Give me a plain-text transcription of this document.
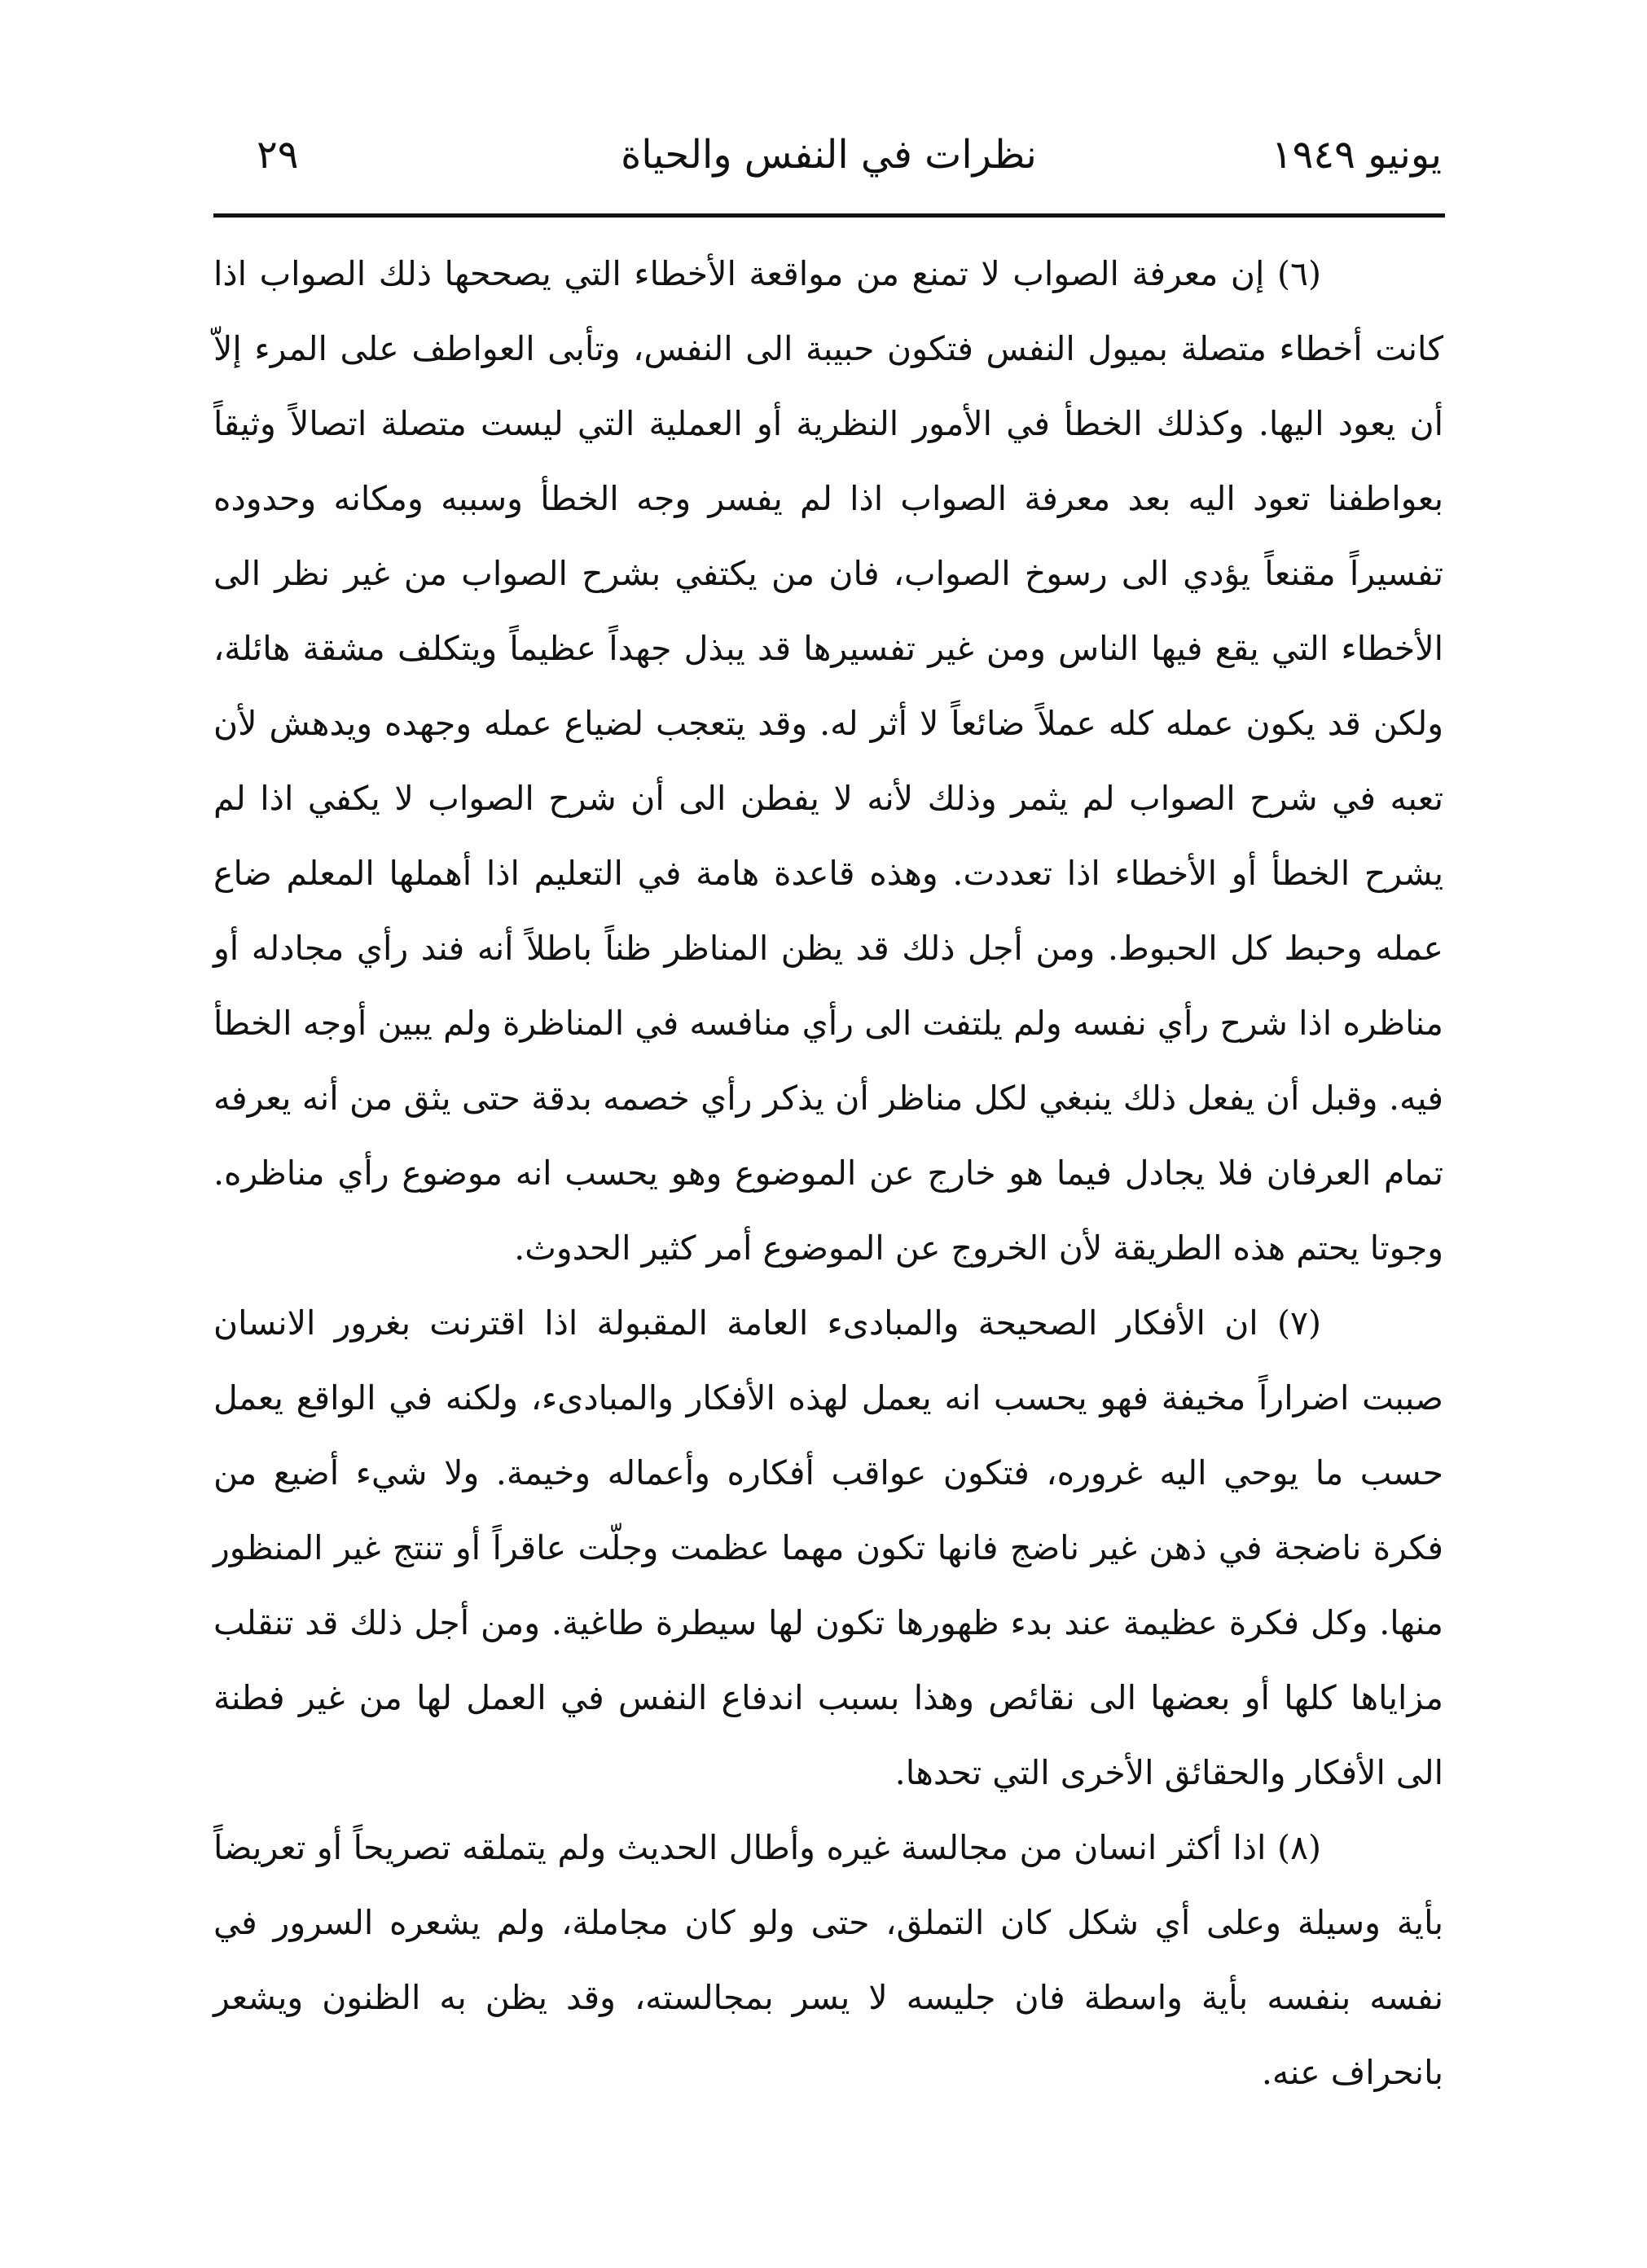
يونيو ١٩٤٩
نظرات في النفس والحياة
٢٩

(٦) إن معرفة الصواب لا تمنع من مواقعة الأخطاء التي يصححها ذلك الصواب اذا كانت أخطاء متصلة بميول النفس فتكون حبيبة الى النفس، وتأبى العواطف على المرء إلاّ أن يعود اليها. وكذلك الخطأ في الأمور النظرية أو العملية التي ليست متصلة اتصالاً وثيقاً بعواطفنا تعود اليه بعد معرفة الصواب اذا لم يفسر وجه الخطأ وسببه ومكانه وحدوده تفسيراً مقنعاً يؤدي الى رسوخ الصواب، فان من يكتفي بشرح الصواب من غير نظر الى الأخطاء التي يقع فيها الناس ومن غير تفسيرها قد يبذل جهداً عظيماً ويتكلف مشقة هائلة، ولكن قد يكون عمله كله عملاً ضائعاً لا أثر له. وقد يتعجب لضياع عمله وجهده ويدهش لأن تعبه في شرح الصواب لم يثمر وذلك لأنه لا يفطن الى أن شرح الصواب لا يكفي اذا لم يشرح الخطأ أو الأخطاء اذا تعددت. وهذه قاعدة هامة في التعليم اذا أهملها المعلم ضاع عمله وحبط كل الحبوط. ومن أجل ذلك قد يظن المناظر ظناً باطلاً أنه فند رأي مجادله أو مناظره اذا شرح رأي نفسه ولم يلتفت الى رأي منافسه في المناظرة ولم يبين أوجه الخطأ فيه. وقبل أن يفعل ذلك ينبغي لكل مناظر أن يذكر رأي خصمه بدقة حتى يثق من أنه يعرفه تمام العرفان فلا يجادل فيما هو خارج عن الموضوع وهو يحسب انه موضوع رأي مناظره. وجوتا يحتم هذه الطريقة لأن الخروج عن الموضوع أمر كثير الحدوث.

(٧) ان الأفكار الصحيحة والمبادىء العامة المقبولة اذا اقترنت بغرور الانسان صببت اضراراً مخيفة فهو يحسب انه يعمل لهذه الأفكار والمبادىء، ولكنه في الواقع يعمل حسب ما يوحي اليه غروره، فتكون عواقب أفكاره وأعماله وخيمة. ولا شيء أضيع من فكرة ناضجة في ذهن غير ناضج فانها تكون مهما عظمت وجلّت عاقراً أو تنتج غير المنظور منها. وكل فكرة عظيمة عند بدء ظهورها تكون لها سيطرة طاغية. ومن أجل ذلك قد تنقلب مزاياها كلها أو بعضها الى نقائص وهذا بسبب اندفاع النفس في العمل لها من غير فطنة الى الأفكار والحقائق الأخرى التي تحدها.

(٨) اذا أكثر انسان من مجالسة غيره وأطال الحديث ولم يتملقه تصريحاً أو تعريضاً بأية وسيلة وعلى أي شكل كان التملق، حتى ولو كان مجاملة، ولم يشعره السرور في نفسه بنفسه بأية واسطة فان جليسه لا يسر بمجالسته، وقد يظن به الظنون ويشعر بانحراف عنه.
